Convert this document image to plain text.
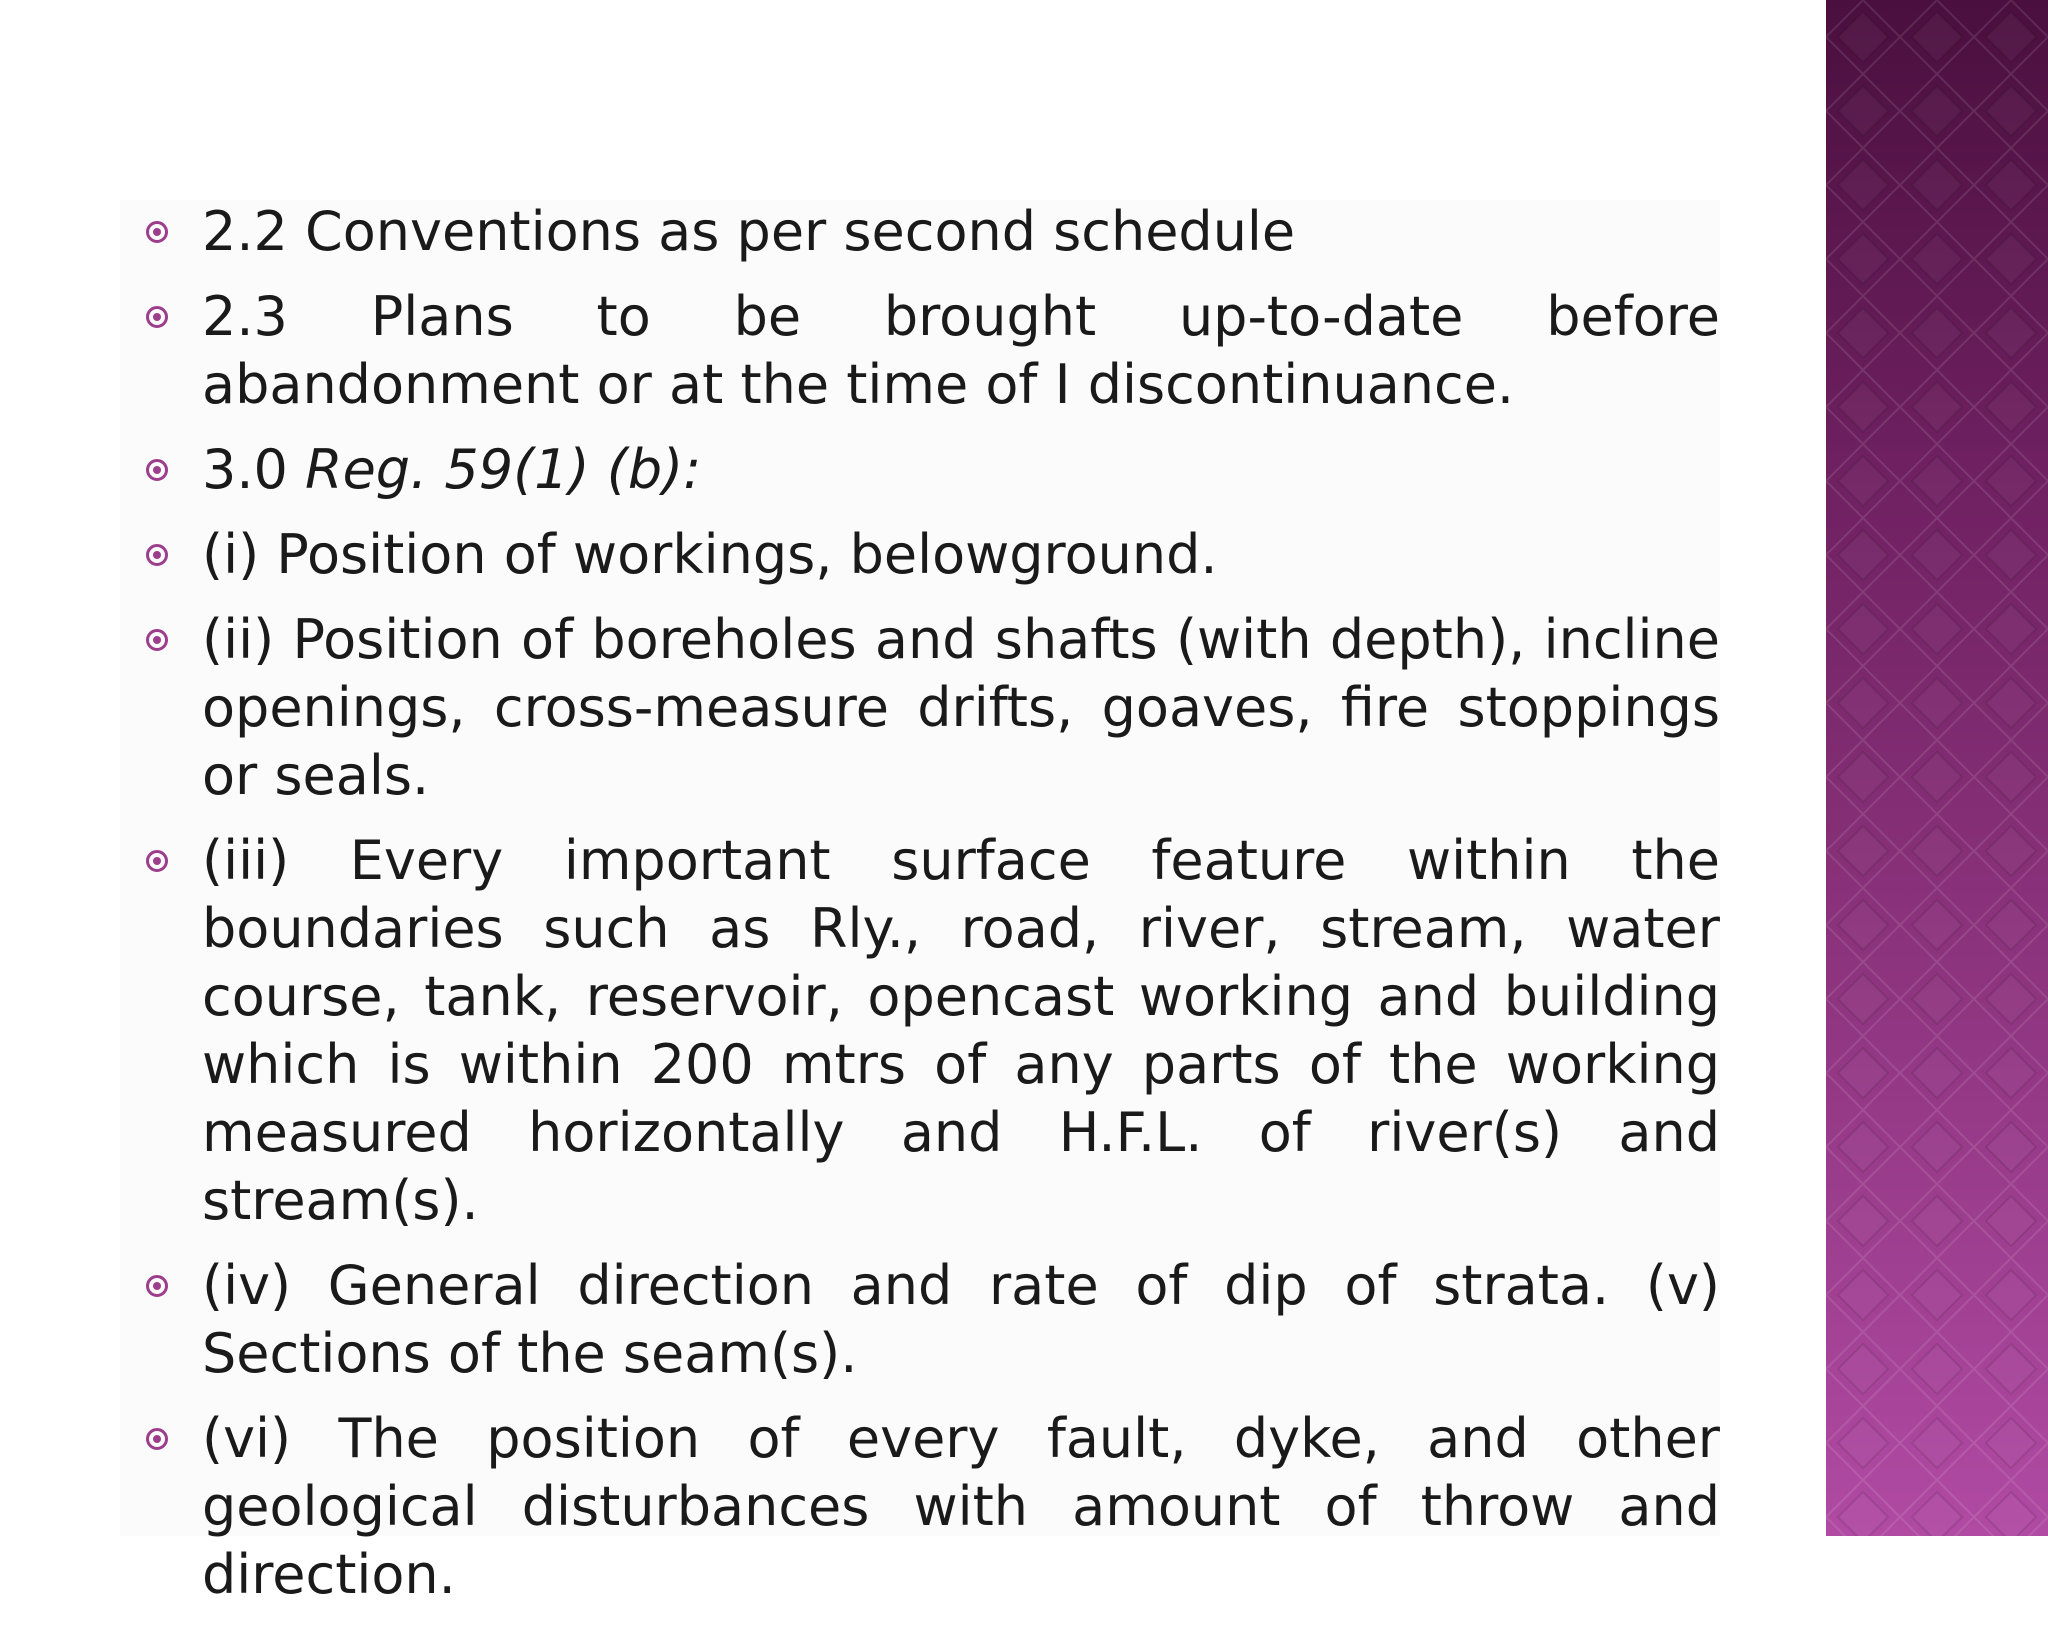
2.2 Conventions as per second schedule
2.3 Plans to be brought up-to-date before abandonment or at the time of I discontinuance.
3.0 Reg. 59(1) (b):
(i) Position of workings, belowground.
(ii) Position of boreholes and shafts (with depth), incline openings, cross-measure drifts, goaves, fire stoppings or seals.
(iii) Every important surface feature within the boundaries such as Rly., road, river, stream, water course, tank, reservoir, opencast working and building which is within 200 mtrs of any parts of the working measured horizontally and H.F.L. of river(s) and stream(s).
(iv) General direction and rate of dip of strata. (v) Sections of the seam(s).
(vi) The position of every fault, dyke, and other geological disturbances with amount of throw and direction.
